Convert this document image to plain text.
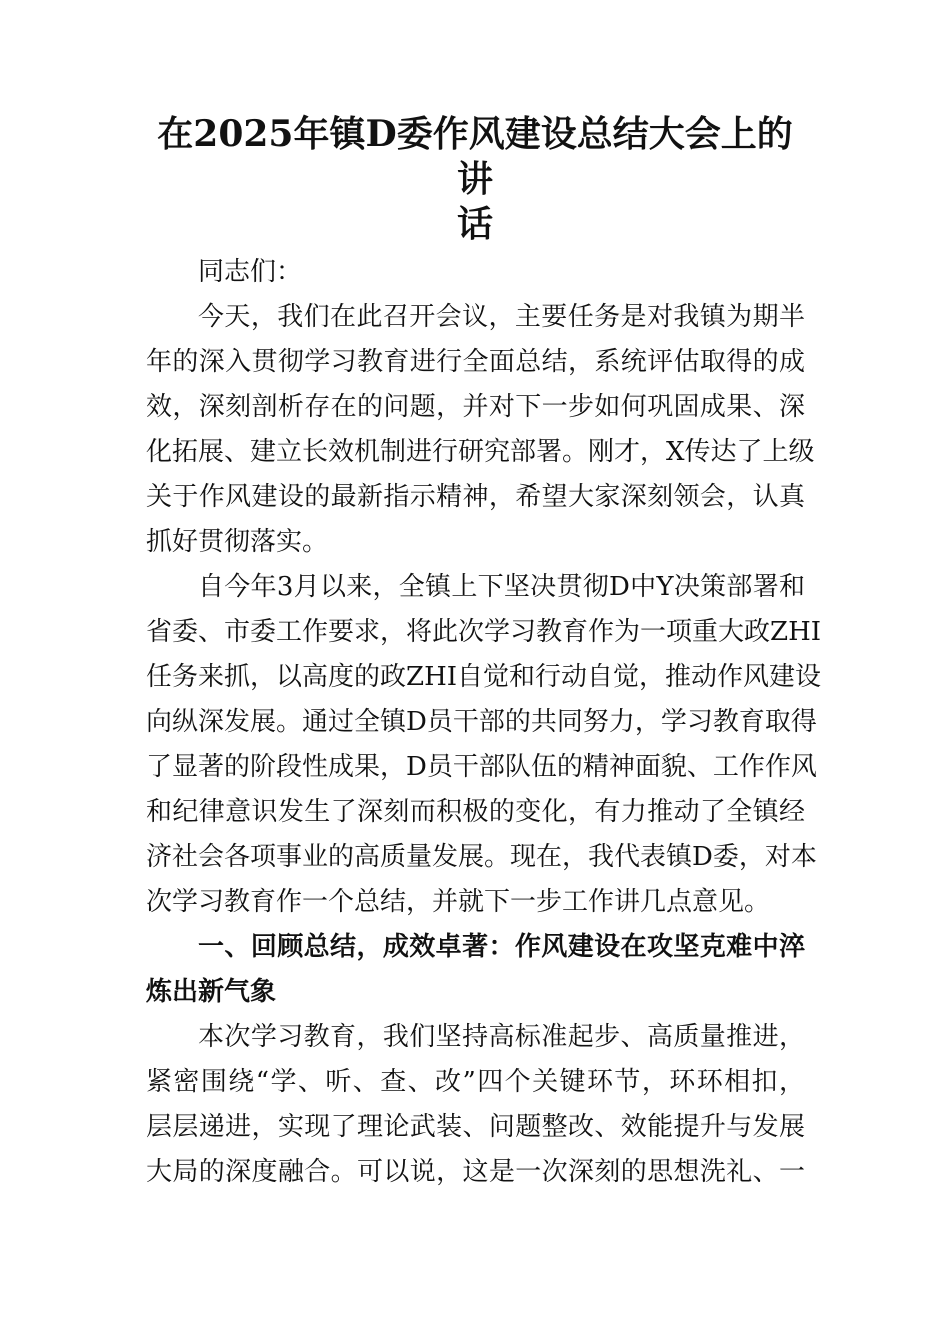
在2025年镇D委作风建设总结大会上的讲
话
同志们：
今天，我们在此召开会议，主要任务是对我镇为期半
年的深入贯彻学习教育进行全面总结，系统评估取得的成
效，深刻剖析存在的问题，并对下一步如何巩固成果、深
化拓展、建立长效机制进行研究部署。刚才，X传达了上级
关于作风建设的最新指示精神，希望大家深刻领会，认真
抓好贯彻落实。
自今年3月以来，全镇上下坚决贯彻D中Y决策部署和
省委、市委工作要求，将此次学习教育作为一项重大政ZHI
任务来抓，以高度的政ZHI自觉和行动自觉，推动作风建设
向纵深发展。通过全镇D员干部的共同努力，学习教育取得
了显著的阶段性成果，D员干部队伍的精神面貌、工作作风
和纪律意识发生了深刻而积极的变化，有力推动了全镇经
济社会各项事业的高质量发展。现在，我代表镇D委，对本
次学习教育作一个总结，并就下一步工作讲几点意见。
一、回顾总结，成效卓著：作风建设在攻坚克难中淬
炼出新气象
本次学习教育，我们坚持高标准起步、高质量推进，
紧密围绕“学、听、查、改”四个关键环节，环环相扣，
层层递进，实现了理论武装、问题整改、效能提升与发展
大局的深度融合。可以说，这是一次深刻的思想洗礼、一
